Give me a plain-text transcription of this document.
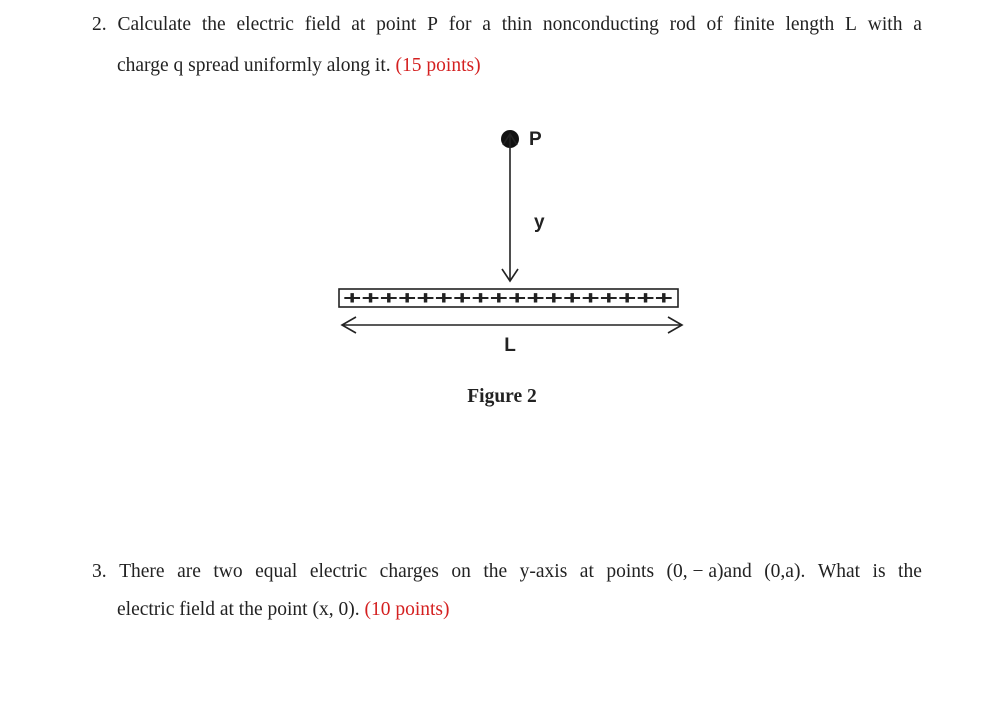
2. Calculate the electric field at point P for a thin nonconducting rod of finite length L with a
charge q spread uniformly along it. (15 points)
P
y
++++++++++++++++++
L
Figure 2
3. There are two equal electric charges on the y-axis at points (0, − a)and (0,a). What is the
electric field at the point (x, 0). (10 points)
